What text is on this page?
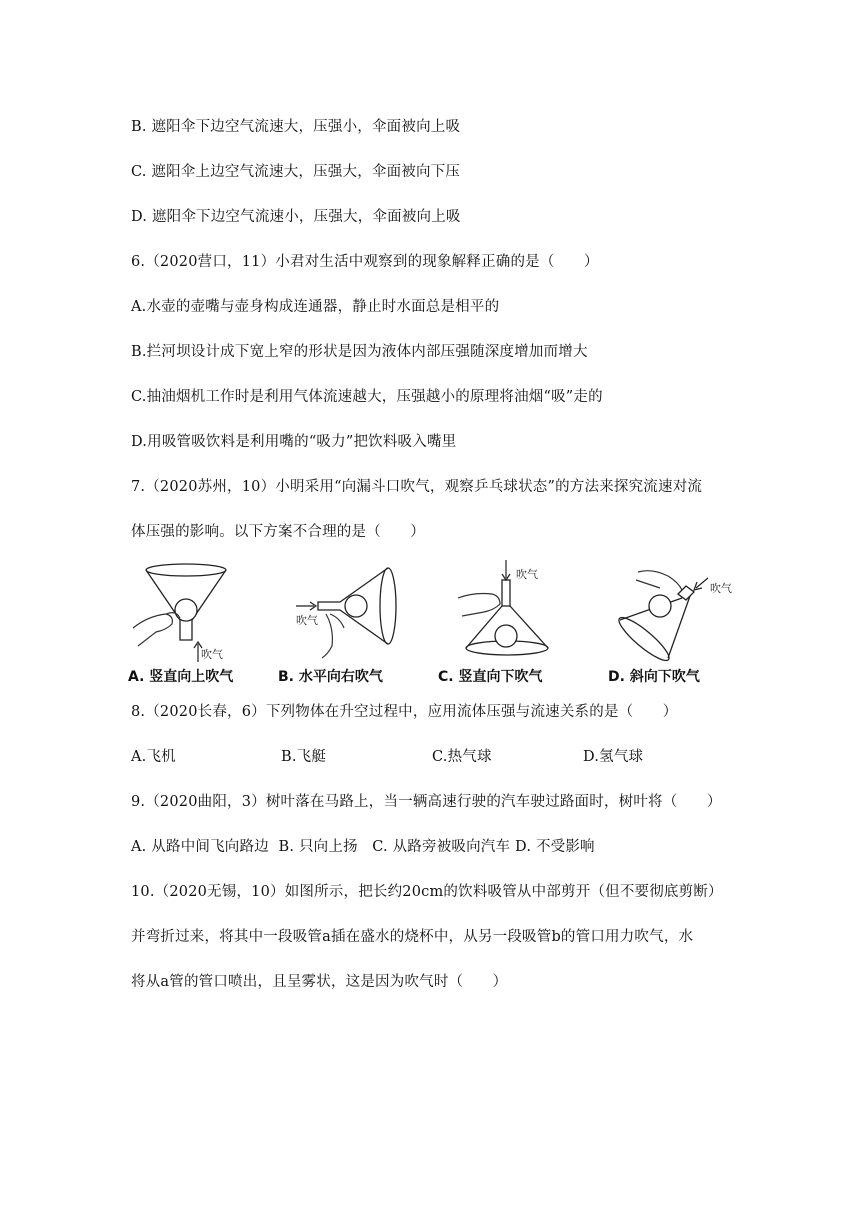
B. 遮阳伞下边空气流速大，压强小，伞面被向上吸
C. 遮阳伞上边空气流速大，压强大，伞面被向下压
D. 遮阳伞下边空气流速小，压强大，伞面被向上吸
6.（2020营口，11）小君对生活中观察到的现象解释正确的是（　　）
A.水壶的壶嘴与壶身构成连通器，静止时水面总是相平的
B.拦河坝设计成下宽上窄的形状是因为液体内部压强随深度增加而增大
C.抽油烟机工作时是利用气体流速越大，压强越小的原理将油烟“吸”走的
D.用吸管吸饮料是利用嘴的“吸力”把饮料吸入嘴里
7.（2020苏州，10）小明采用“向漏斗口吹气，观察乒乓球状态”的方法来探究流速对流
体压强的影响。以下方案不合理的是（　　）
吹气
A. 竖直向上吹气
吹气
B. 水平向右吹气
吹气
C. 竖直向下吹气
吹气
D. 斜向下吹气
8.（2020长春，6）下列物体在升空过程中，应用流体压强与流速关系的是（　　）
A.飞机	B.飞艇	C.热气球	D.氢气球
9.（2020曲阳，3）树叶落在马路上，当一辆高速行驶的汽车驶过路面时，树叶将（　　）
A. 从路中间飞向路边  B. 只向上扬   C. 从路旁被吸向汽车 D. 不受影响
10.（2020无锡，10）如图所示，把长约20cm的饮料吸管从中部剪开（但不要彻底剪断）
并弯折过来，将其中一段吸管a插在盛水的烧杯中，从另一段吸管b的管口用力吹气，水
将从a管的管口喷出，且呈雾状，这是因为吹气时（　　）
